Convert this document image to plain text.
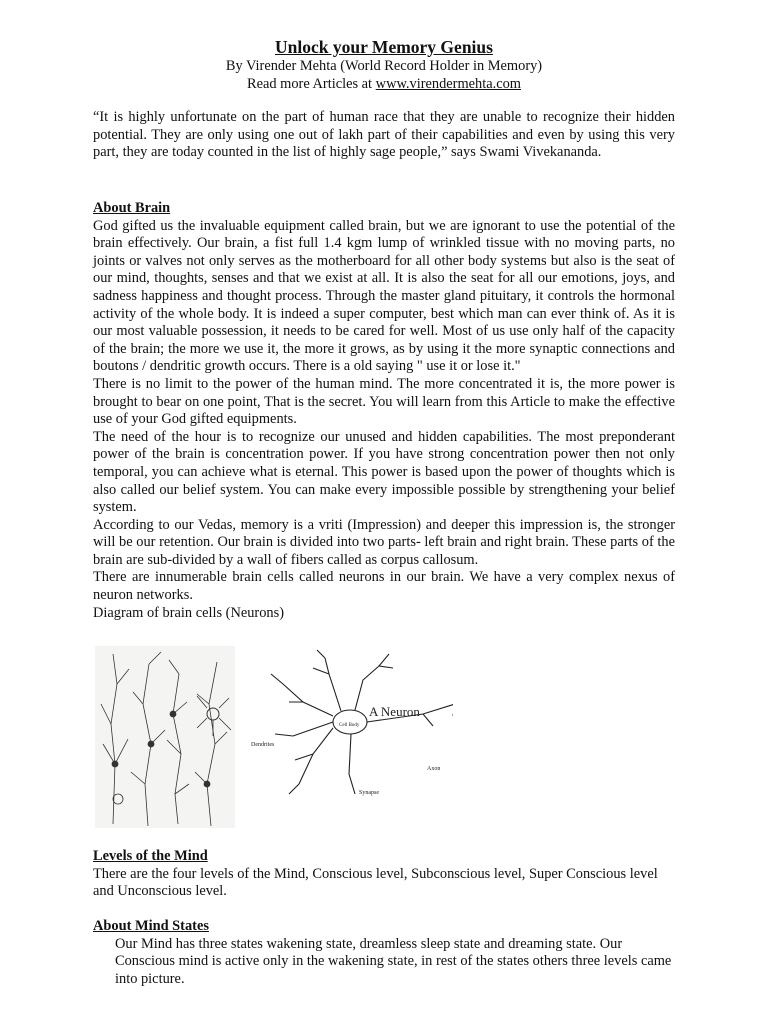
Unlock your Memory Genius
By Virender Mehta (World Record Holder in Memory)
Read more Articles at www.virendermehta.com

“It is highly unfortunate on the part of human race that they are unable to recognize their hidden potential. They are only using one out of lakh part of their capabilities and even by using this very part, they are today counted in the list of highly sage people,” says Swami Vivekananda.

About Brain

God gifted us the invaluable equipment called brain, but we are ignorant to use the potential of the brain effectively. Our brain, a fist full 1.4 kgm lump of wrinkled tissue with no moving parts, no joints or valves not only serves as the motherboard for all other body systems but also is the seat of our mind, thoughts, senses and that we exist at all. It is also the seat for all our emotions, joys, and sadness happiness and thought process. Through the master gland pituitary, it controls the hormonal activity of the whole body. It is indeed a super computer, best which man can ever think of. As it is our most valuable possession, it needs to be cared for well. Most of us use only half of the capacity of the brain; the more we use it, the more it grows, as by using it the more synaptic connections and boutons / dendritic growth occurs. There is a old saying " use it or lose it."

There is no limit to the power of the human mind. The more concentrated it is, the more power is brought to bear on one point, That is the secret. You will learn from this Article to make the effective use of your God gifted equipments.

The need of the hour is to recognize our unused and hidden capabilities. The most preponderant power of the brain is concentration power. If you have strong concentration power then not only temporal, you can achieve what is eternal. This power is based upon the power of thoughts which is also called our belief system. You can make every impossible possible by strengthening your belief system.

According to our Vedas, memory is a vriti (Impression) and deeper this impression is, the stronger will be our retention. Our brain is divided into two parts- left brain and right brain. These parts of the brain are sub-divided by a wall of fibers called as corpus callosum.

There are innumerable brain cells called neurons in our brain. We have a very complex nexus of neuron networks.

Diagram of brain cells (Neurons)

A Neuron
Cell Body
Dendrites
Axon
Synapse

Levels of the Mind

There are the four levels of the Mind, Conscious level, Subconscious level, Super Conscious level and Unconscious level.

About Mind States

Our Mind has three states wakening state, dreamless sleep state and dreaming state. Our Conscious mind is active only in the wakening state, in rest of the states others three levels came into picture.
